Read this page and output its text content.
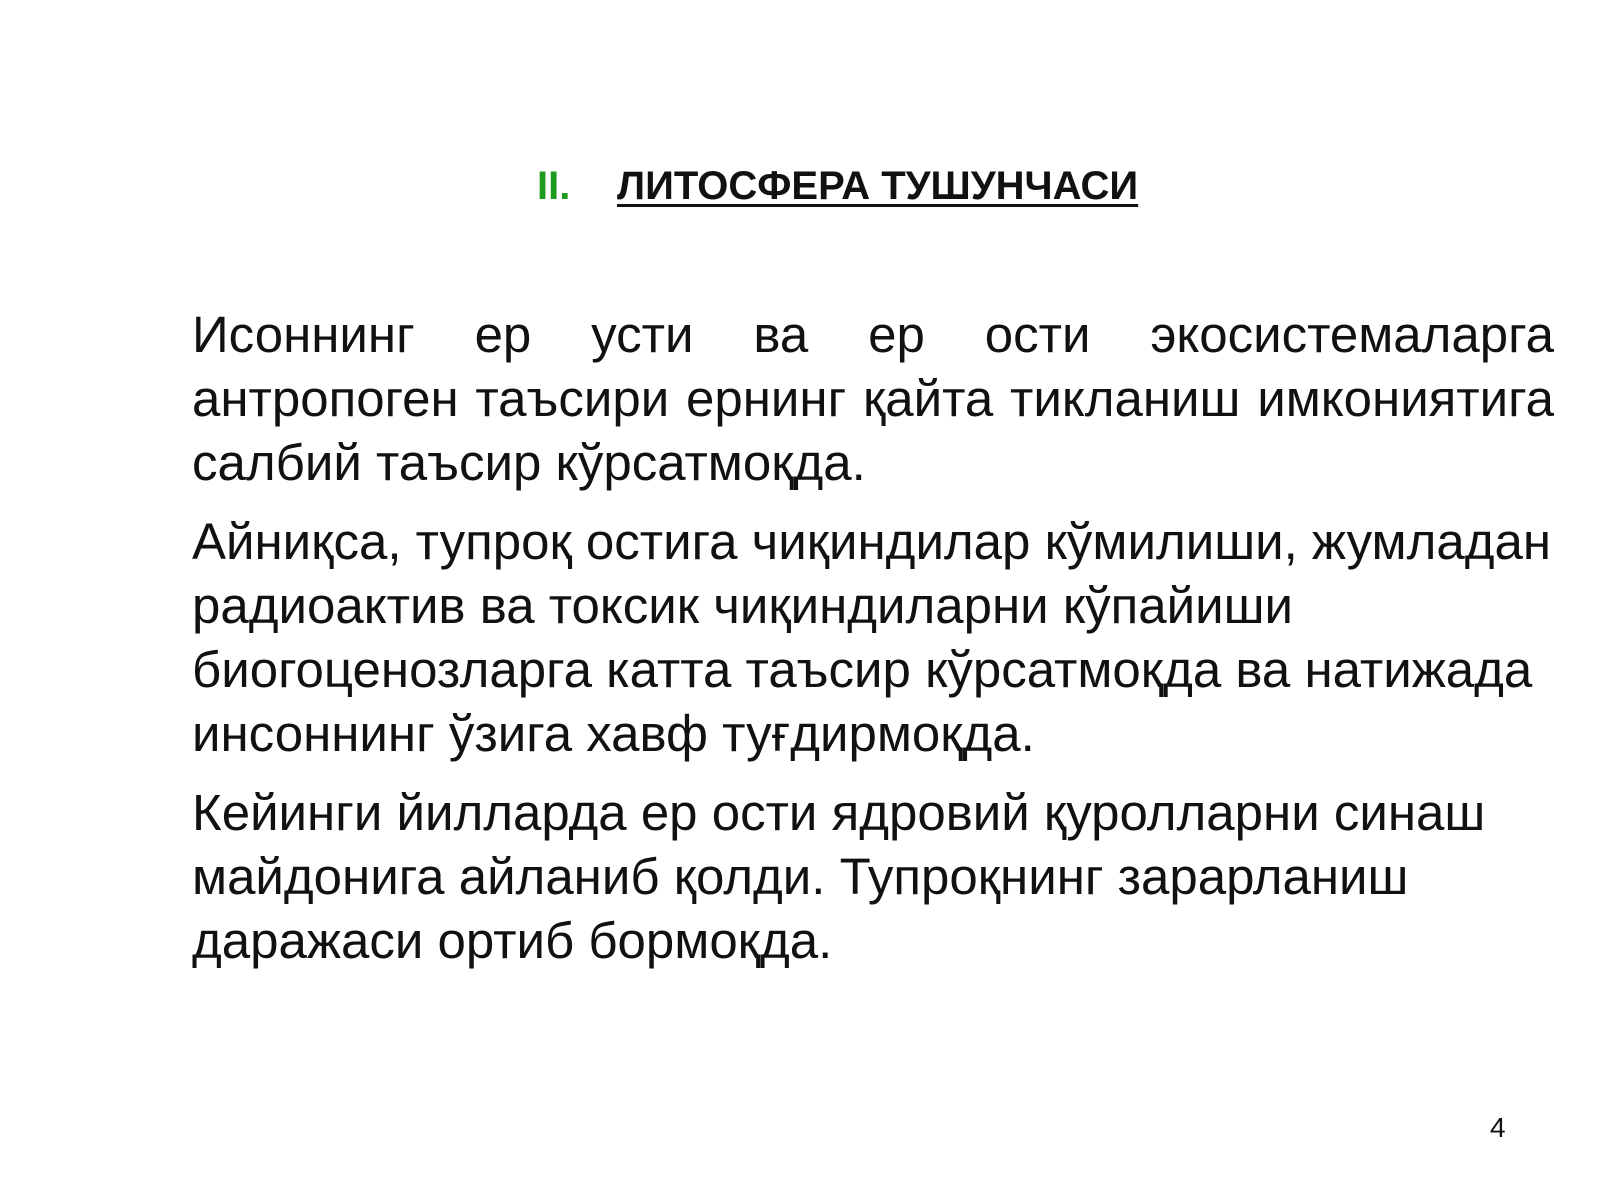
II. ЛИТОСФЕРА ТУШУНЧАСИ

Исоннинг ер усти ва ер ости экосистемаларга антропоген таъсири ернинг қайта тикланиш имкониятига салбий таъсир кўрсатмоқда.

Айниқса, тупроқ остига чиқиндилар кўмилиши, жумладан радиоактив ва токсик чиқиндиларни кўпайиши биогоценозларга катта таъсир кўрсатмоқда ва натижада инсоннинг ўзига хавф туғдирмоқда.

Кейинги йилларда ер ости ядровий қуролларни синаш майдонига айланиб қолди. Тупроқнинг зарарланиш даражаси ортиб бормоқда.

4
